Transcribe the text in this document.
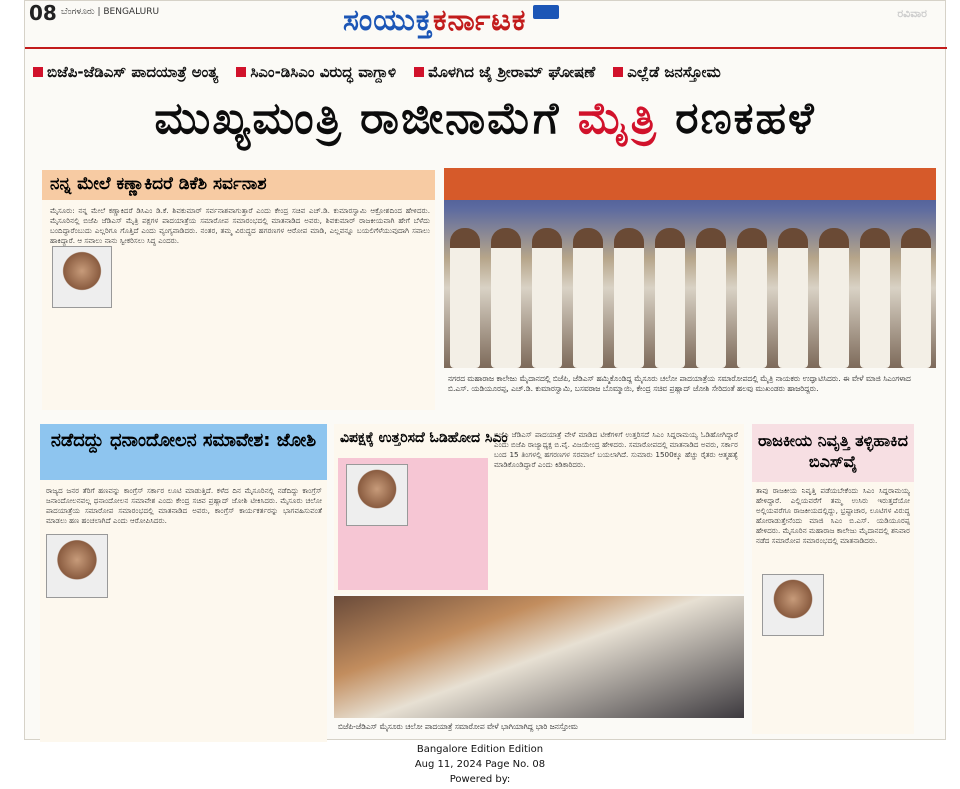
08 ಬೆಂಗಳೂರು | BENGALURU	ಸಂಯುಕ್ತಕರ್ನಾಟಕ	ರವಿವಾರ
ಬಿಜೆಪಿ-ಜೆಡಿಎಸ್ ಪಾದಯಾತ್ರೆ ಅಂತ್ಯ	ಸಿಎಂ-ಡಿಸಿಎಂ ವಿರುದ್ಧ ವಾಗ್ದಾಳಿ	ಮೊಳಗಿದ ಜೈ ಶ್ರೀರಾಮ್ ಘೋಷಣೆ	ಎಲ್ಲೆಡೆ ಜನಸ್ತೋಮ
ಮುಖ್ಯಮಂತ್ರಿ ರಾಜೀನಾಮೆಗೆ ಮೈತ್ರಿ ರಣಕಹಳೆ
ನನ್ನ ಮೇಲೆ ಕಣ್ಣಾಕಿದರೆ ಡಿಕೆಶಿ ಸರ್ವನಾಶ
ಮೈಸೂರು: ನನ್ನ ಮೇಲೆ ಕಣ್ಣಾಕಿದರೆ ಡಿಸಿಎಂ ಡಿ.ಕೆ. ಶಿವಕುಮಾರ್ ಸರ್ವನಾಶವಾಗುತ್ತಾರೆ ಎಂದು ಕೇಂದ್ರ ಸಚಿವ ಎಚ್.ಡಿ. ಕುಮಾರಸ್ವಾಮಿ ಆಕ್ರೋಶದಿಂದ ಹೇಳಿದರು. ಮೈಸೂರಿನಲ್ಲಿ ಬಿಜೆಪಿ ಜೆಡಿಎಸ್ ಮೈತ್ರಿ ಪಕ್ಷಗಳ ಪಾದಯಾತ್ರೆಯ ಸಮಾರೋಪ ಸಮಾರಂಭದಲ್ಲಿ ಮಾತನಾಡಿದ ಅವರು, ಶಿವಕುಮಾರ್ ರಾಜಕೀಯವಾಗಿ ಹೇಗೆ ಬೆಳೆದು ಬಂದಿದ್ದಾರೆಂಬುದು ಎಲ್ಲರಿಗೂ ಗೊತ್ತಿದೆ ಎಂದು ವ್ಯಂಗ್ಯವಾಡಿದರು. ನಂತರ, ತಮ್ಮ ವಿರುದ್ಧದ ಹಗರಣಗಳ ಆರೋಪ ಮಾಡಿ, ಎಲ್ಲವನ್ನೂ ಬಯಲಿಗೆಳೆಯುವುದಾಗಿ ಸವಾಲು ಹಾಕಿದ್ದಾರೆ. ಆ ಸವಾಲು ನಾನು ಸ್ವೀಕರಿಸಲು ಸಿದ್ಧ ಎಂದರು.
ನಗರದ ಮಹಾರಾಜ ಕಾಲೇಜು ಮೈದಾನದಲ್ಲಿ ಬಿಜೆಪಿ, ಜೆಡಿಎಸ್ ಹಮ್ಮಿಕೊಂಡಿದ್ದ ಮೈಸೂರು ಚಲೋ ಪಾದಯಾತ್ರೆಯ ಸಮಾರೋಪದಲ್ಲಿ ಮೈತ್ರಿ ನಾಯಕರು ಉದ್ಘಾಟಿಸಿದರು. ಈ ವೇಳೆ ಮಾಜಿ ಸಿಎಂಗಳಾದ ಬಿ.ಎಸ್. ಯಡಿಯೂರಪ್ಪ, ಎಚ್.ಡಿ. ಕುಮಾರಸ್ವಾಮಿ, ಬಸವರಾಜ ಬೊಮ್ಮಾಯಿ, ಕೇಂದ್ರ ಸಚಿವ ಪ್ರಹ್ಲಾದ್ ಜೋಶಿ ಸೇರಿದಂತೆ ಹಲವು ಮುಖಂಡರು ಹಾಜರಿದ್ದರು.
ನಡೆದದ್ದು ಧನಾಂದೋಲನ ಸಮಾವೇಶ: ಜೋಶಿ
ರಾಜ್ಯದ ಜನರ ತೆರಿಗೆ ಹಣವನ್ನು ಕಾಂಗ್ರೆಸ್ ಸರ್ಕಾರ ಲೂಟಿ ಮಾಡುತ್ತಿದೆ. ಕಳೆದ ದಿನ ಮೈಸೂರಿನಲ್ಲಿ ನಡೆದಿದ್ದು ಕಾಂಗ್ರೆಸ್ ಜನಾಂದೋಲನವಲ್ಲ ಧನಾಂದೋಲನ ಸಮಾವೇಶ ಎಂದು ಕೇಂದ್ರ ಸಚಿವ ಪ್ರಹ್ಲಾದ್ ಜೋಶಿ ಟೀಕಿಸಿದರು. ಮೈಸೂರು ಚಲೋ ಪಾದಯಾತ್ರೆಯ ಸಮಾರೋಪ ಸಮಾರಂಭದಲ್ಲಿ ಮಾತನಾಡಿದ ಅವರು, ಕಾಂಗ್ರೆಸ್ ಕಾರ್ಯಕರ್ತರನ್ನು ಭಾಗವಹಿಸುವಂತೆ ಮಾಡಲು ಹಣ ಹಂಚಲಾಗಿದೆ ಎಂದು ಆರೋಪಿಸಿದರು.
ವಿಪಕ್ಷಕ್ಕೆ ಉತ್ತರಿಸದೆ ಓಡಿಹೋದ ಸಿಎಂ
ಬಿಜೆಪಿ ಜೆಡಿಎಸ್ ಪಾದಯಾತ್ರೆ ವೇಳೆ ಮಾಡಿದ ಟೀಕೆಗಳಿಗೆ ಉತ್ತರಿಸದೆ ಸಿಎಂ ಸಿದ್ದರಾಮಯ್ಯ ಓಡಿಹೋಗಿದ್ದಾರೆ ಎಂದು ಬಿಜೆಪಿ ರಾಜ್ಯಾಧ್ಯಕ್ಷ ಬಿ.ವೈ. ವಿಜಯೇಂದ್ರ ಹೇಳಿದರು. ಸಮಾರೋಪದಲ್ಲಿ ಮಾತನಾಡಿದ ಅವರು, ಸರ್ಕಾರ ಬಂದ 15 ತಿಂಗಳಲ್ಲಿ ಹಗರಣಗಳ ಸರಮಾಲೆ ಬಯಲಾಗಿದೆ. ಸುಮಾರು 1500ಕ್ಕೂ ಹೆಚ್ಚು ರೈತರು ಆತ್ಮಹತ್ಯೆ ಮಾಡಿಕೊಂಡಿದ್ದಾರೆ ಎಂದು ಕಿಡಿಕಾರಿದರು.
ಬಿಜೆಪಿ-ಜೆಡಿಎಸ್ ಮೈಸೂರು ಚಲೋ ಪಾದಯಾತ್ರೆ ಸಮಾರೋಪ ವೇಳೆ ಭಾಗಿಯಾಗಿದ್ದ ಭಾರಿ ಜನಸ್ತೋಮ
ರಾಜಕೀಯ ನಿವೃತ್ತಿ ತಳ್ಳಿಹಾಕಿದ ಬಿಎಸ್‌ವೈ
ತಾವು ರಾಜಕೀಯ ನಿವೃತ್ತಿ ಪಡೆಯಬೇಕೆಂದು ಸಿಎಂ ಸಿದ್ದರಾಮಯ್ಯ ಹೇಳಿದ್ದಾರೆ. ಎಲ್ಲಿಯವರೆಗೆ ತಮ್ಮ ಉಸಿರು ಇರುತ್ತದೆಯೋ ಅಲ್ಲಿಯವರೆಗೂ ರಾಜಕೀಯದಲ್ಲಿದ್ದು, ಭ್ರಷ್ಟಾಚಾರ, ಲೂಟಿಗಳ ವಿರುದ್ಧ ಹೋರಾಡುತ್ತೇನೆಂದು ಮಾಜಿ ಸಿಎಂ ಬಿ.ಎಸ್. ಯಡಿಯೂರಪ್ಪ ಹೇಳಿದರು. ಮೈಸೂರಿನ ಮಹಾರಾಜ ಕಾಲೇಜು ಮೈದಾನದಲ್ಲಿ ಶನಿವಾರ ನಡೆದ ಸಮಾರೋಪ ಸಮಾರಂಭದಲ್ಲಿ ಮಾತನಾಡಿದರು.
Bangalore Edition Edition
Aug 11, 2024 Page No. 08
Powered by:
